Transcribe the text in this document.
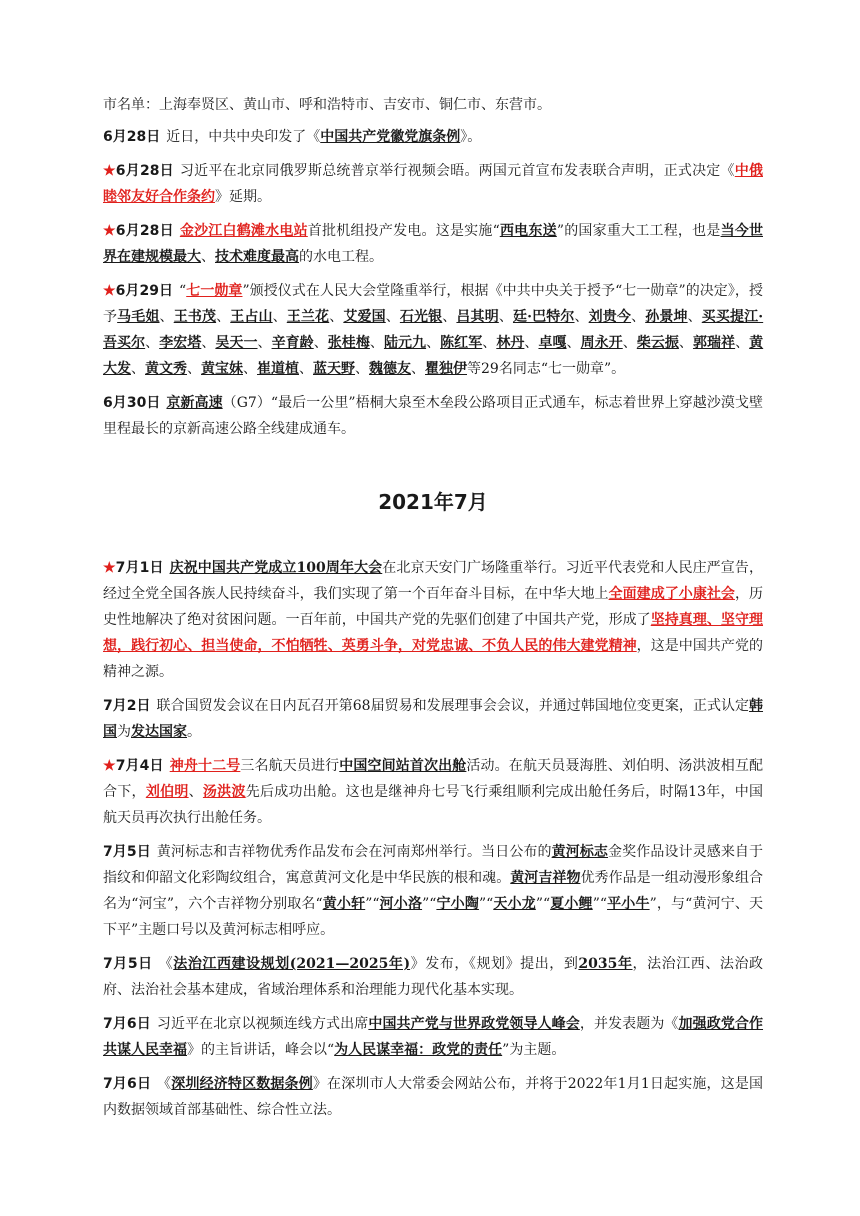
市名单：上海奉贤区、黄山市、呼和浩特市、吉安市、铜仁市、东营市。

6月28日 近日，中共中央印发了《中国共产党徽党旗条例》。

★6月28日 习近平在北京同俄罗斯总统普京举行视频会晤。两国元首宣布发表联合声明，正式决定《中俄睦邻友好合作条约》延期。

★6月28日 金沙江白鹤滩水电站首批机组投产发电。这是实施“西电东送”的国家重大工工程，也是当今世界在建规模最大、技术难度最高的水电工程。

★6月29日 “七一勋章”颁授仪式在人民大会堂隆重举行，根据《中共中央关于授予“七一勋章”的决定》，授予马毛姐、王书茂、王占山、王兰花、艾爱国、石光银、吕其明、廷·巴特尔、刘贵今、孙景坤、买买提江·吾买尔、李宏塔、吴天一、辛育龄、张桂梅、陆元九、陈红军、林丹、卓嘎、周永开、柴云振、郭瑞祥、黄大发、黄文秀、黄宝妹、崔道植、蓝天野、魏德友、瞿独伊等29名同志“七一勋章”。

6月30日 京新高速（G7）“最后一公里”梧桐大泉至木垒段公路项目正式通车，标志着世界上穿越沙漠戈壁里程最长的京新高速公路全线建成通车。

2021年7月

★7月1日 庆祝中国共产党成立100周年大会在北京天安门广场隆重举行。习近平代表党和人民庄严宣告，经过全党全国各族人民持续奋斗，我们实现了第一个百年奋斗目标，在中华大地上全面建成了小康社会，历史性地解决了绝对贫困问题。一百年前，中国共产党的先驱们创建了中国共产党，形成了坚持真理、坚守理想，践行初心、担当使命，不怕牺牲、英勇斗争，对党忠诚、不负人民的伟大建党精神，这是中国共产党的精神之源。

7月2日 联合国贸发会议在日内瓦召开第68届贸易和发展理事会会议，并通过韩国地位变更案，正式认定韩国为发达国家。

★7月4日 神舟十二号三名航天员进行中国空间站首次出舱活动。在航天员聂海胜、刘伯明、汤洪波相互配合下，刘伯明、汤洪波先后成功出舱。这也是继神舟七号飞行乘组顺利完成出舱任务后，时隔13年，中国航天员再次执行出舱任务。

7月5日 黄河标志和吉祥物优秀作品发布会在河南郑州举行。当日公布的黄河标志金奖作品设计灵感来自于指纹和仰韶文化彩陶纹组合，寓意黄河文化是中华民族的根和魂。黄河吉祥物优秀作品是一组动漫形象组合名为“河宝”，六个吉祥物分别取名“黄小轩”“河小洛”“宁小陶”“天小龙”“夏小鲤”“平小牛”，与“黄河宁、天下平”主题口号以及黄河标志相呼应。

7月5日 《法治江西建设规划(2021—2025年)》发布，《规划》提出，到2035年，法治江西、法治政府、法治社会基本建成，省域治理体系和治理能力现代化基本实现。

7月6日 习近平在北京以视频连线方式出席中国共产党与世界政党领导人峰会，并发表题为《加强政党合作共谋人民幸福》的主旨讲话，峰会以“为人民谋幸福：政党的责任”为主题。

7月6日 《深圳经济特区数据条例》在深圳市人大常委会网站公布，并将于2022年1月1日起实施，这是国内数据领域首部基础性、综合性立法。
